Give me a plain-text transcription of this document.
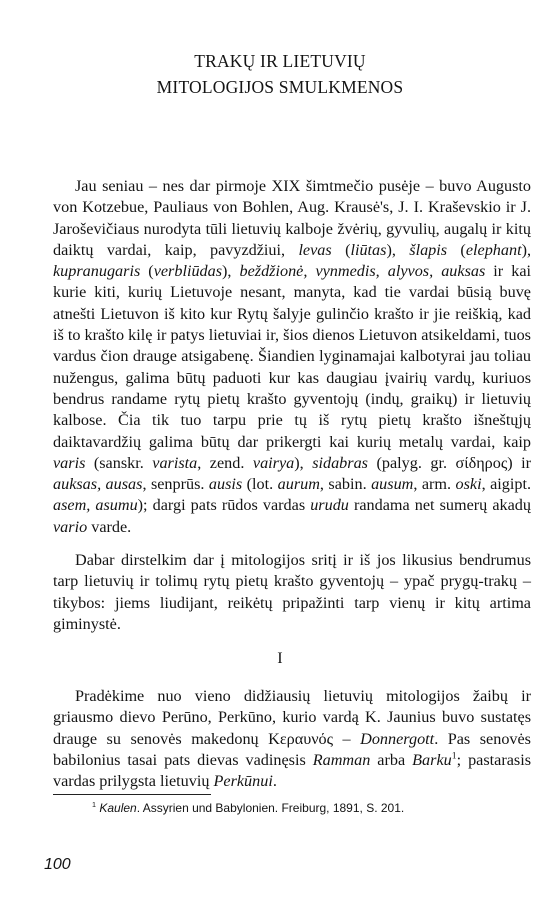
TRAKŲ IR LIETUVIŲ
MITOLOGIJOS SMULKMENOS

Jau seniau – nes dar pirmoje XIX šimtmečio pusėje – buvo Augusto von Kotzebue, Pauliaus von Bohlen, Aug. Krausė's, J. I. Kraševskio ir J. Jaroševičiaus nurodyta tūli lietuvių kalboje žvėrių, gyvulių, augalų ir kitų daiktų vardai, kaip, pavyzdžiui, levas (liūtas), šlapis (elephant), kupranugaris (verbliūdas), beždžionė, vynmedis, alyvos, auksas ir kai kurie kiti, kurių Lietuvoje nesant, manyta, kad tie vardai būsią buvę atnešti Lietuvon iš kito kur Rytų šalyje gulinčio krašto ir jie reiškią, kad iš to krašto kilę ir patys lietuviai ir, šios dienos Lietuvon atsikeldami, tuos vardus čion drauge atsigabenę. Šiandien lyginamajai kalbotyrai jau toliau nužengus, galima būtų paduoti kur kas daugiau įvairių vardų, kuriuos bendrus randame rytų pietų krašto gyventojų (indų, graikų) ir lietuvių kalbose. Čia tik tuo tarpu prie tų iš rytų pietų krašto išneštųjų daiktavardžių galima būtų dar prikergti kai kurių metalų vardai, kaip varis (sanskr. varista, zend. vairya), sidabras (palyg. gr. σίδηρος) ir auksas, ausas, senprūs. ausis (lot. aurum, sabin. ausum, arm. oski, aigipt. asem, asumu); dargi pats rūdos vardas urudu randama net sumerų akadų vario varde.

Dabar dirstelkim dar į mitologijos sritį ir iš jos likusius bendrumus tarp lietuvių ir tolimų rytų pietų krašto gyventojų – ypač prygų-trakų – tikybos: jiems liudijant, reikėtų pripažinti tarp vienų ir kitų artima giminystė.

I

Pradėkime nuo vieno didžiausių lietuvių mitologijos žaibų ir griausmo dievo Perūno, Perkūno, kurio vardą K. Jaunius buvo sustatęs drauge su senovės makedonų Κεραυνός – Donnergott. Pas senovės babilonius tasai pats dievas vadinęsis Ramman arba Barku$^1$; pastarasis vardas prilygsta lietuvių Perkūnui.

$^1$ Kaulen. Assyrien und Babylonien. Freiburg, 1891, S. 201.
100
